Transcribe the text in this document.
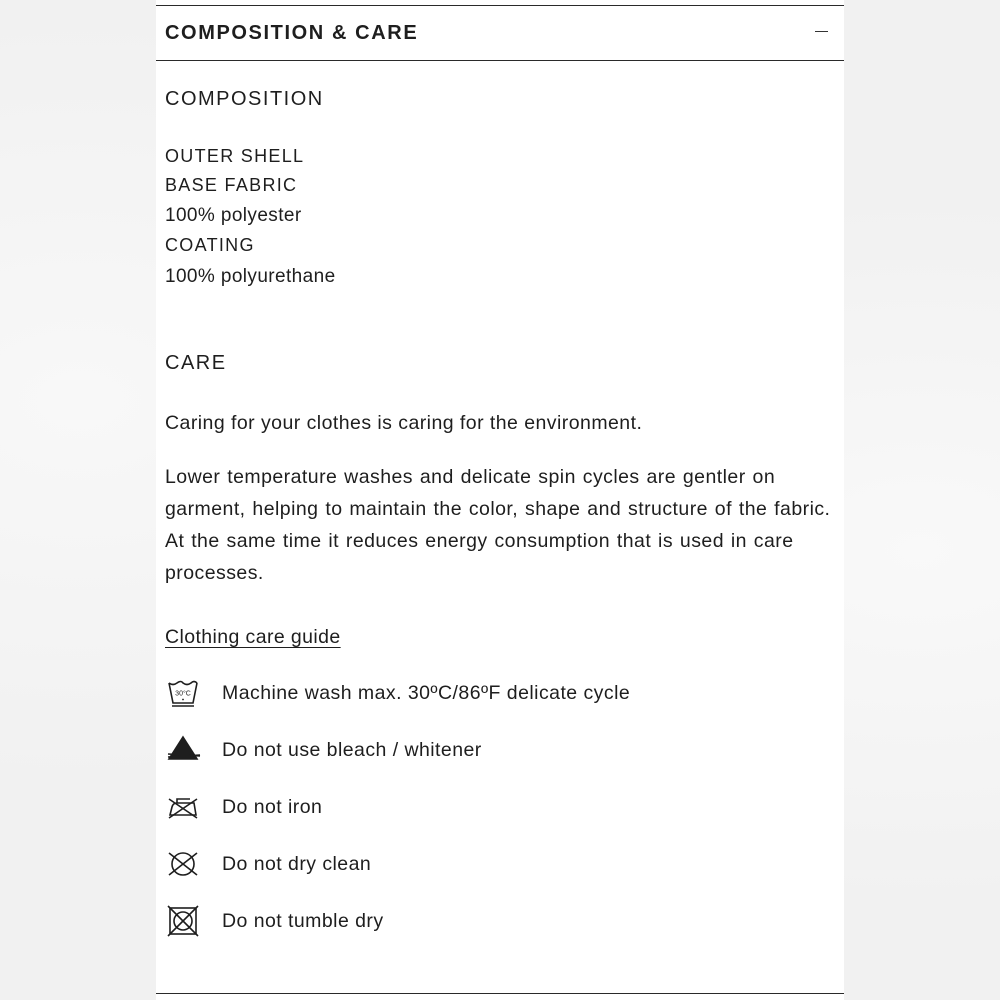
COMPOSITION & CARE
COMPOSITION
OUTER SHELL
BASE FABRIC
100% polyester
COATING
100% polyurethane
CARE
Caring for your clothes is caring for the environment.
Lower temperature washes and delicate spin cycles are gentler on
garment, helping to maintain the color, shape and structure of the fabric.
At the same time it reduces energy consumption that is used in care
processes.
Clothing care guide
30°C Machine wash max. 30ºC/86ºF delicate cycle
Do not use bleach / whitener
Do not iron
Do not dry clean
Do not tumble dry
